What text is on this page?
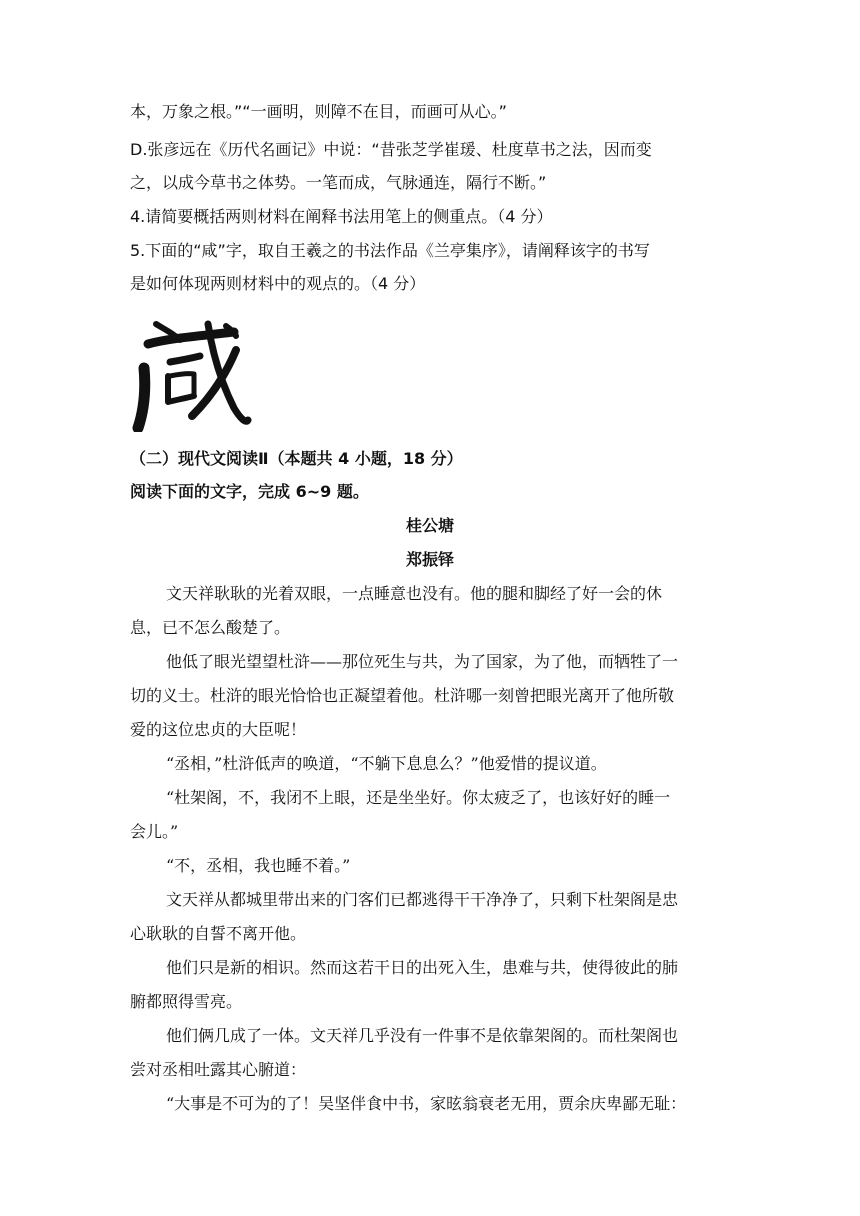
本，万象之根。”“一画明，则障不在目，而画可从心。”
D.张彦远在《历代名画记》中说：“昔张芝学崔瑗、杜度草书之法，因而变
之，以成今草书之体势。一笔而成，气脉通连，隔行不断。”
4.请简要概括两则材料在阐释书法用笔上的侧重点。（4 分）
5.下面的“咸”字，取自王羲之的书法作品《兰亭集序》，请阐释该字的书写
是如何体现两则材料中的观点的。（4 分）
（二）现代文阅读Ⅱ（本题共 4 小题，18 分）
阅读下面的文字，完成 6~9 题。
桂公塘
郑振铎
文天祥耿耿的光着双眼，一点睡意也没有。他的腿和脚经了好一会的休
息，已不怎么酸楚了。
他低了眼光望望杜浒——那位死生与共，为了国家，为了他，而牺牲了一
切的义士。杜浒的眼光恰恰也正凝望着他。杜浒哪一刻曾把眼光离开了他所敬
爱的这位忠贞的大臣呢！
“丞相，”杜浒低声的唤道，“不躺下息息么？”他爱惜的提议道。
“杜架阁，不，我闭不上眼，还是坐坐好。你太疲乏了，也该好好的睡一
会儿。”
“不，丞相，我也睡不着。”
文天祥从都城里带出来的门客们已都逃得干干净净了，只剩下杜架阁是忠
心耿耿的自誓不离开他。
他们只是新的相识。然而这若干日的出死入生，患难与共，使得彼此的肺
腑都照得雪亮。
他们俩几成了一体。文天祥几乎没有一件事不是依靠架阁的。而杜架阁也
尝对丞相吐露其心腑道：
“大事是不可为的了！吴坚伴食中书，家昡翁衰老无用，贾余庆卑鄙无耻：
